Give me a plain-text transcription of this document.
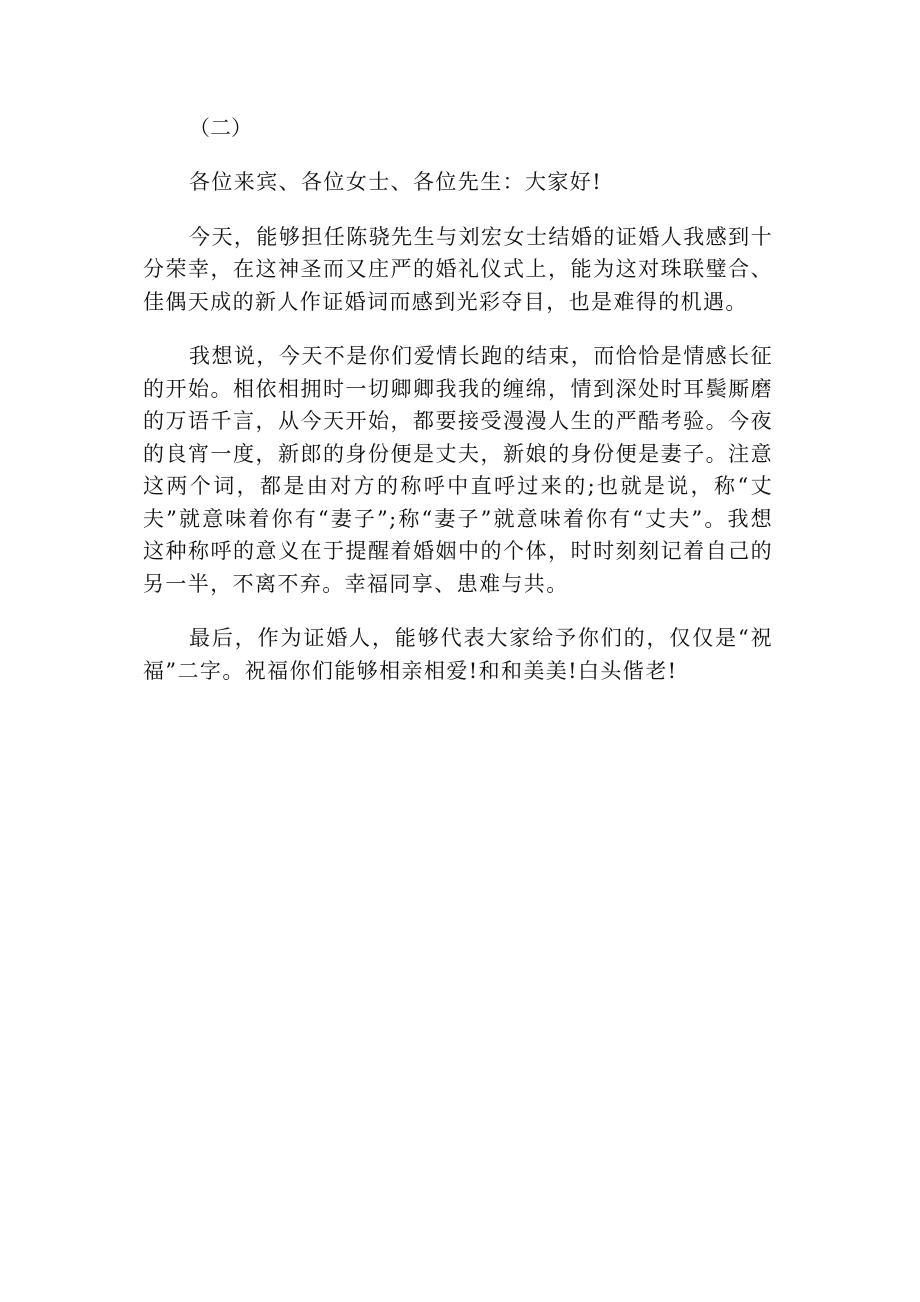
（二）

各位来宾、各位女士、各位先生：大家好!

今天，能够担任陈骁先生与刘宏女士结婚的证婚人我感到十分荣幸，在这神圣而又庄严的婚礼仪式上，能为这对珠联璧合、佳偶天成的新人作证婚词而感到光彩夺目，也是难得的机遇。

我想说，今天不是你们爱情长跑的结束，而恰恰是情感长征的开始。相依相拥时一切卿卿我我的缠绵，情到深处时耳鬓厮磨的万语千言，从今天开始，都要接受漫漫人生的严酷考验。今夜的良宵一度，新郎的身份便是丈夫，新娘的身份便是妻子。注意这两个词，都是由对方的称呼中直呼过来的;也就是说，称“丈夫”就意味着你有“妻子”;称“妻子”就意味着你有“丈夫”。我想这种称呼的意义在于提醒着婚姻中的个体，时时刻刻记着自己的另一半，不离不弃。幸福同享、患难与共。

最后，作为证婚人，能够代表大家给予你们的，仅仅是“祝福”二字。祝福你们能够相亲相爱!和和美美!白头偕老!
